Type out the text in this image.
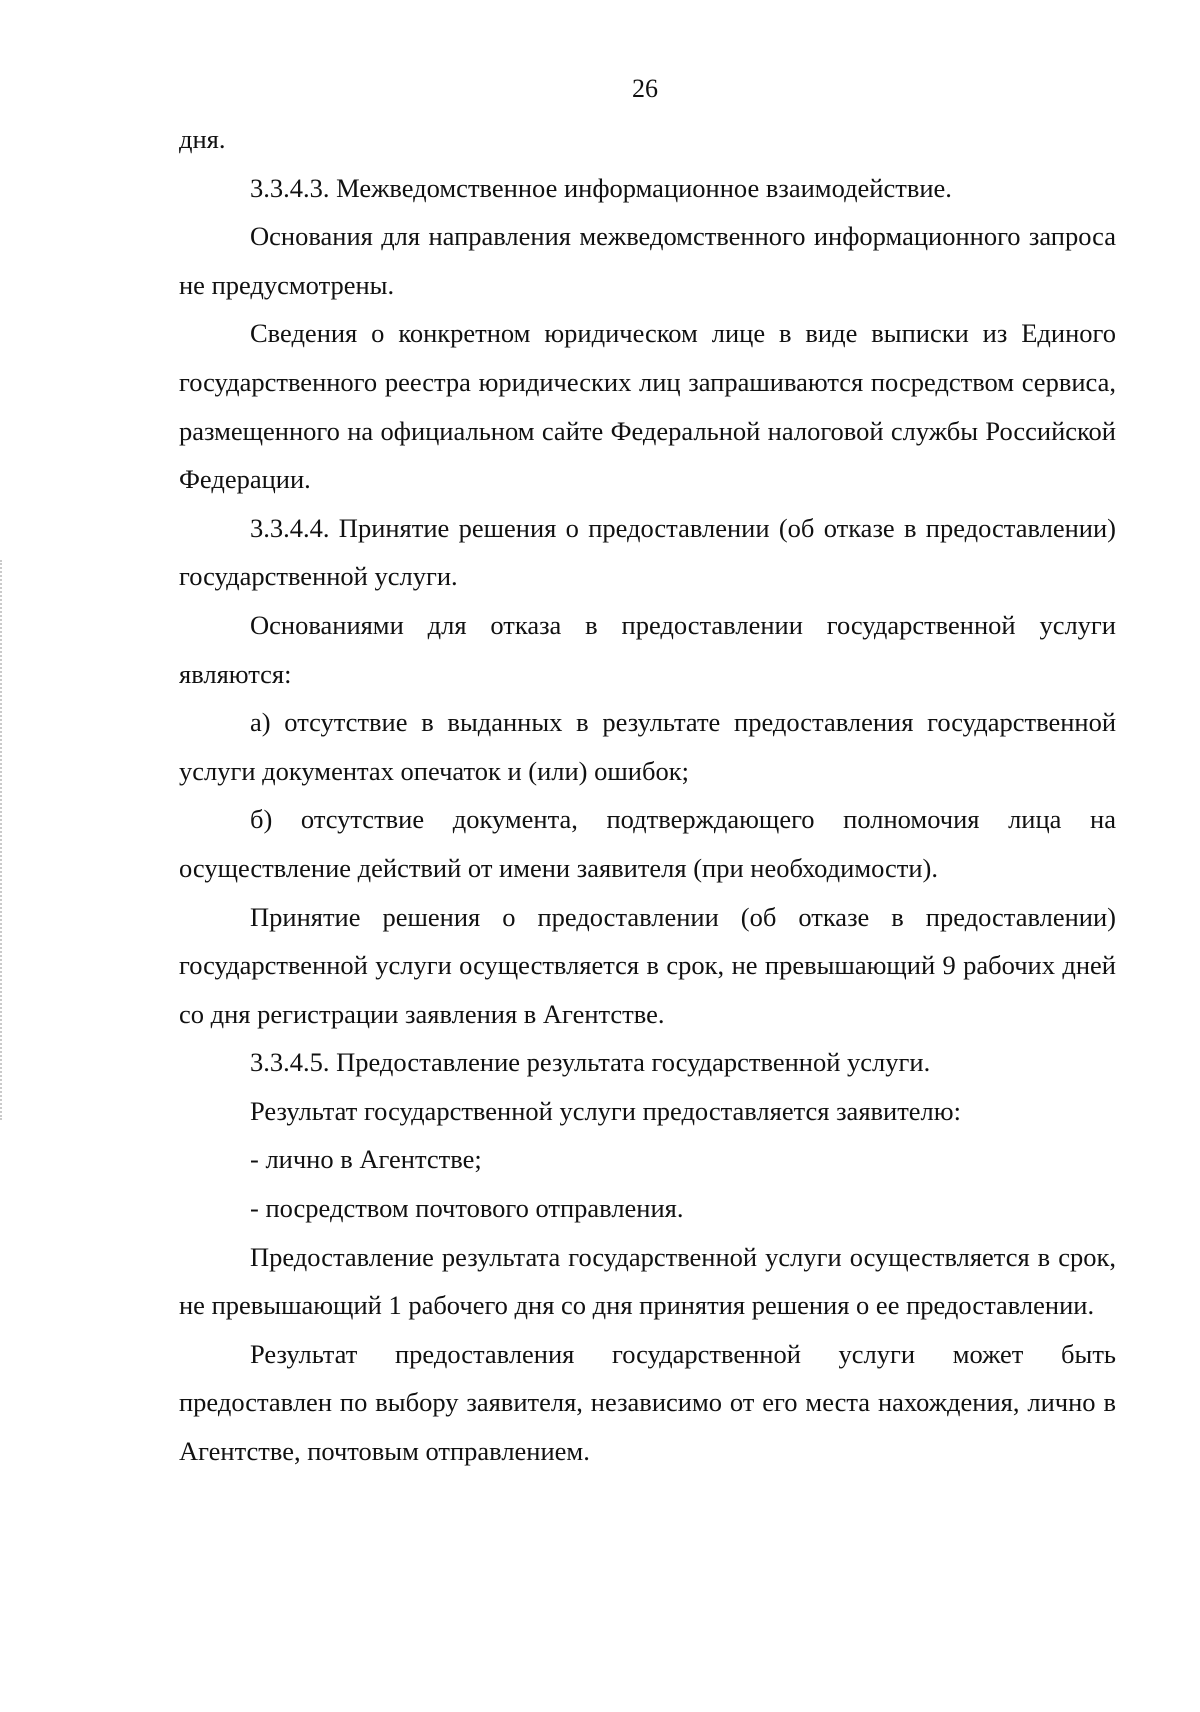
26

дня.

3.3.4.3. Межведомственное информационное взаимодействие.

Основания для направления межведомственного информационного запроса не предусмотрены.

Сведения о конкретном юридическом лице в виде выписки из Единого государственного реестра юридических лиц запрашиваются посредством сервиса, размещенного на официальном сайте Федеральной налоговой службы Российской Федерации.

3.3.4.4. Принятие решения о предоставлении (об отказе в предоставлении) государственной услуги.

Основаниями для отказа в предоставлении государственной услуги являются:

а) отсутствие в выданных в результате предоставления государственной услуги документах опечаток и (или) ошибок;

б) отсутствие документа, подтверждающего полномочия лица на осуществление действий от имени заявителя (при необходимости).

Принятие решения о предоставлении (об отказе в предоставлении) государственной услуги осуществляется в срок, не превышающий 9 рабочих дней со дня регистрации заявления в Агентстве.

3.3.4.5. Предоставление результата государственной услуги.

Результат государственной услуги предоставляется заявителю:

- лично в Агентстве;

- посредством почтового отправления.

Предоставление результата государственной услуги осуществляется в срок, не превышающий 1 рабочего дня со дня принятия решения о ее предоставлении.

Результат предоставления государственной услуги может быть предоставлен по выбору заявителя, независимо от его места нахождения, лично в Агентстве, почтовым отправлением.
